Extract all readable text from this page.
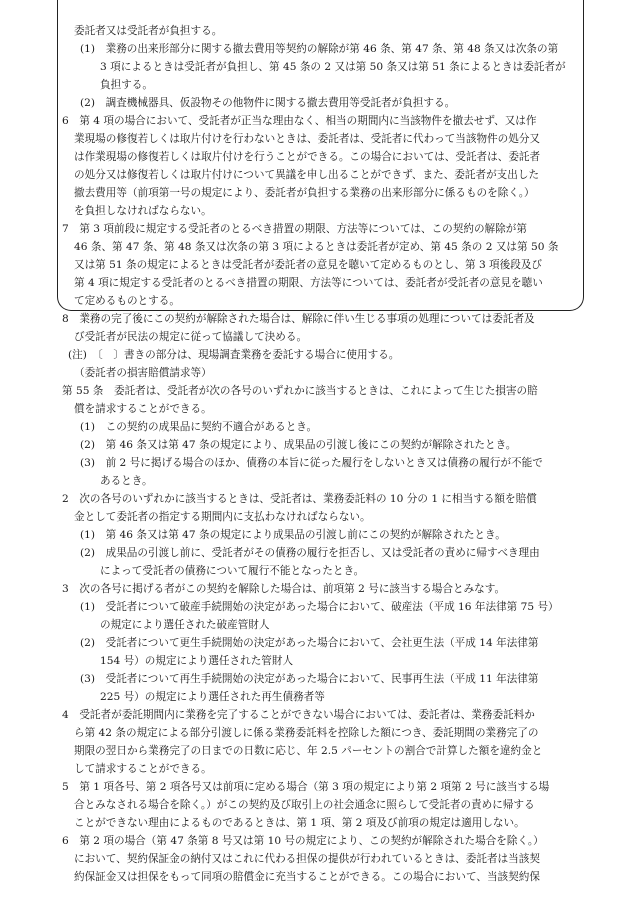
委託者又は受託者が負担する。
(1)　業務の出来形部分に関する撤去費用等契約の解除が第 46 条、第 47 条、第 48 条又は次条の第
3 項によるときは受託者が負担し、第 45 条の 2 又は第 50 条又は第 51 条によるときは委託者が
負担する。
(2)　調査機械器具、仮設物その他物件に関する撤去費用等受託者が負担する。
6　第 4 項の場合において、受託者が正当な理由なく、相当の期間内に当該物件を撤去せず、又は作
業現場の修復若しくは取片付けを行わないときは、委託者は、受託者に代わって当該物件の処分又
は作業現場の修復若しくは取片付けを行うことができる。この場合においては、受託者は、委託者
の処分又は修復若しくは取片付けについて異議を申し出ることができず、また、委託者が支出した
撤去費用等（前項第一号の規定により、委託者が負担する業務の出来形部分に係るものを除く。）
を負担しなければならない。
7　第 3 項前段に規定する受託者のとるべき措置の期限、方法等については、この契約の解除が第
46 条、第 47 条、第 48 条又は次条の第 3 項によるときは委託者が定め、第 45 条の 2 又は第 50 条
又は第 51 条の規定によるときは受託者が委託者の意見を聴いて定めるものとし、第 3 項後段及び
第 4 項に規定する受託者のとるべき措置の期限、方法等については、委託者が受託者の意見を聴い
て定めるものとする。
8　業務の完了後にこの契約が解除された場合は、解除に伴い生じる事項の処理については委託者及
び受託者が民法の規定に従って協議して決める。
(注)　〔　〕書きの部分は、現場調査業務を委託する場合に使用する。
（委託者の損害賠償請求等）
第 55 条　委託者は、受託者が次の各号のいずれかに該当するときは、これによって生じた損害の賠
償を請求することができる。
(1)　この契約の成果品に契約不適合があるとき。
(2)　第 46 条又は第 47 条の規定により、成果品の引渡し後にこの契約が解除されたとき。
(3)　前 2 号に掲げる場合のほか、債務の本旨に従った履行をしないとき又は債務の履行が不能で
あるとき。
2　次の各号のいずれかに該当するときは、受託者は、業務委託料の 10 分の 1 に相当する額を賠償
金として委託者の指定する期間内に支払わなければならない。
(1)　第 46 条又は第 47 条の規定により成果品の引渡し前にこの契約が解除されたとき。
(2)　成果品の引渡し前に、受託者がその債務の履行を拒否し、又は受託者の責めに帰すべき理由
によって受託者の債務について履行不能となったとき。
3　次の各号に掲げる者がこの契約を解除した場合は、前項第 2 号に該当する場合とみなす。
(1)　受託者について破産手続開始の決定があった場合において、破産法（平成 16 年法律第 75 号）
の規定により選任された破産管財人
(2)　受託者について更生手続開始の決定があった場合において、会社更生法（平成 14 年法律第
154 号）の規定により選任された管財人
(3)　受託者について再生手続開始の決定があった場合において、民事再生法（平成 11 年法律第
225 号）の規定により選任された再生債務者等
4　受託者が委託期間内に業務を完了することができない場合においては、委託者は、業務委託料か
ら第 42 条の規定による部分引渡しに係る業務委託料を控除した額につき、委託期間の業務完了の
期限の翌日から業務完了の日までの日数に応じ、年 2.5 パーセントの割合で計算した額を違約金と
して請求することができる。
5　第 1 項各号、第 2 項各号又は前項に定める場合（第 3 項の規定により第 2 項第 2 号に該当する場
合とみなされる場合を除く。）がこの契約及び取引上の社会通念に照らして受託者の責めに帰する
ことができない理由によるものであるときは、第 1 項、第 2 項及び前項の規定は適用しない。
6　第 2 項の場合（第 47 条第 8 号又は第 10 号の規定により、この契約が解除された場合を除く。）
において、契約保証金の納付又はこれに代わる担保の提供が行われているときは、委託者は当該契
約保証金又は担保をもって同項の賠償金に充当することができる。この場合において、当該契約保
